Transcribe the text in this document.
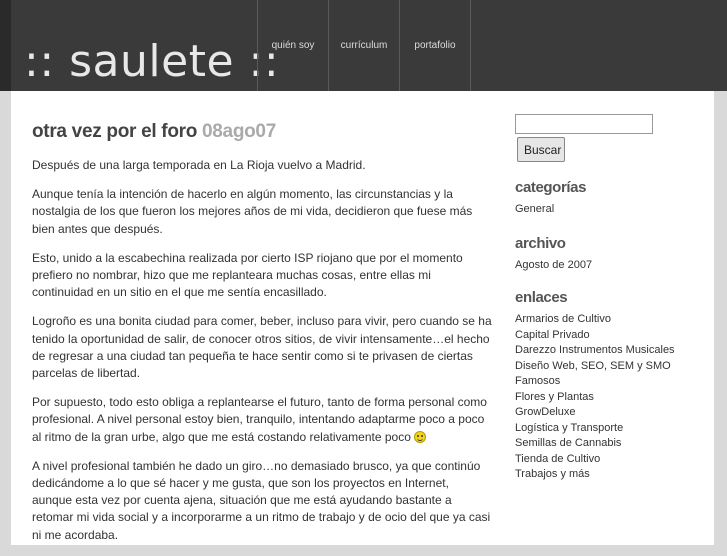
:: saulete ::
quién soy	currículum	portafolio
otra vez por el foro 08ago07

Después de una larga temporada en La Rioja vuelvo a Madrid.

Aunque tenía la intención de hacerlo en algún momento, las circunstancias y la nostalgia de los que fueron los mejores años de mi vida, decidieron que fuese más bien antes que después.

Esto, unido a la escabechina realizada por cierto ISP riojano que por el momento prefiero no nombrar, hizo que me replanteara muchas cosas, entre ellas mi continuidad en un sitio en el que me sentía encasillado.

Logroño es una bonita ciudad para comer, beber, incluso para vivir, pero cuando se ha tenido la oportunidad de salir, de conocer otros sitios, de vivir intensamente…el hecho de regresar a una ciudad tan pequeña te hace sentir como si te privasen de ciertas parcelas de libertad.

Por supuesto, todo esto obliga a replantearse el futuro, tanto de forma personal como profesional. A nivel personal estoy bien, tranquilo, intentando adaptarme poco a poco al ritmo de la gran urbe, algo que me está costando relativamente poco

A nivel profesional también he dado un giro…no demasiado brusco, ya que continúo dedicándome a lo que sé hacer y me gusta, que son los proyectos en Internet, aunque esta vez por cuenta ajena, situación que me está ayudando bastante a retomar mi vida social y a incorporarme a un ritmo de trabajo y de ocio del que ya casi ni me acordaba.

Buscar
categorías
General
archivo
Agosto de 2007
enlaces
Armarios de Cultivo
Capital Privado
Darezzo Instrumentos Musicales
Diseño Web, SEO, SEM y SMO
Famosos
Flores y Plantas
GrowDeluxe
Logística y Transporte
Semillas de Cannabis
Tienda de Cultivo
Trabajos y más
